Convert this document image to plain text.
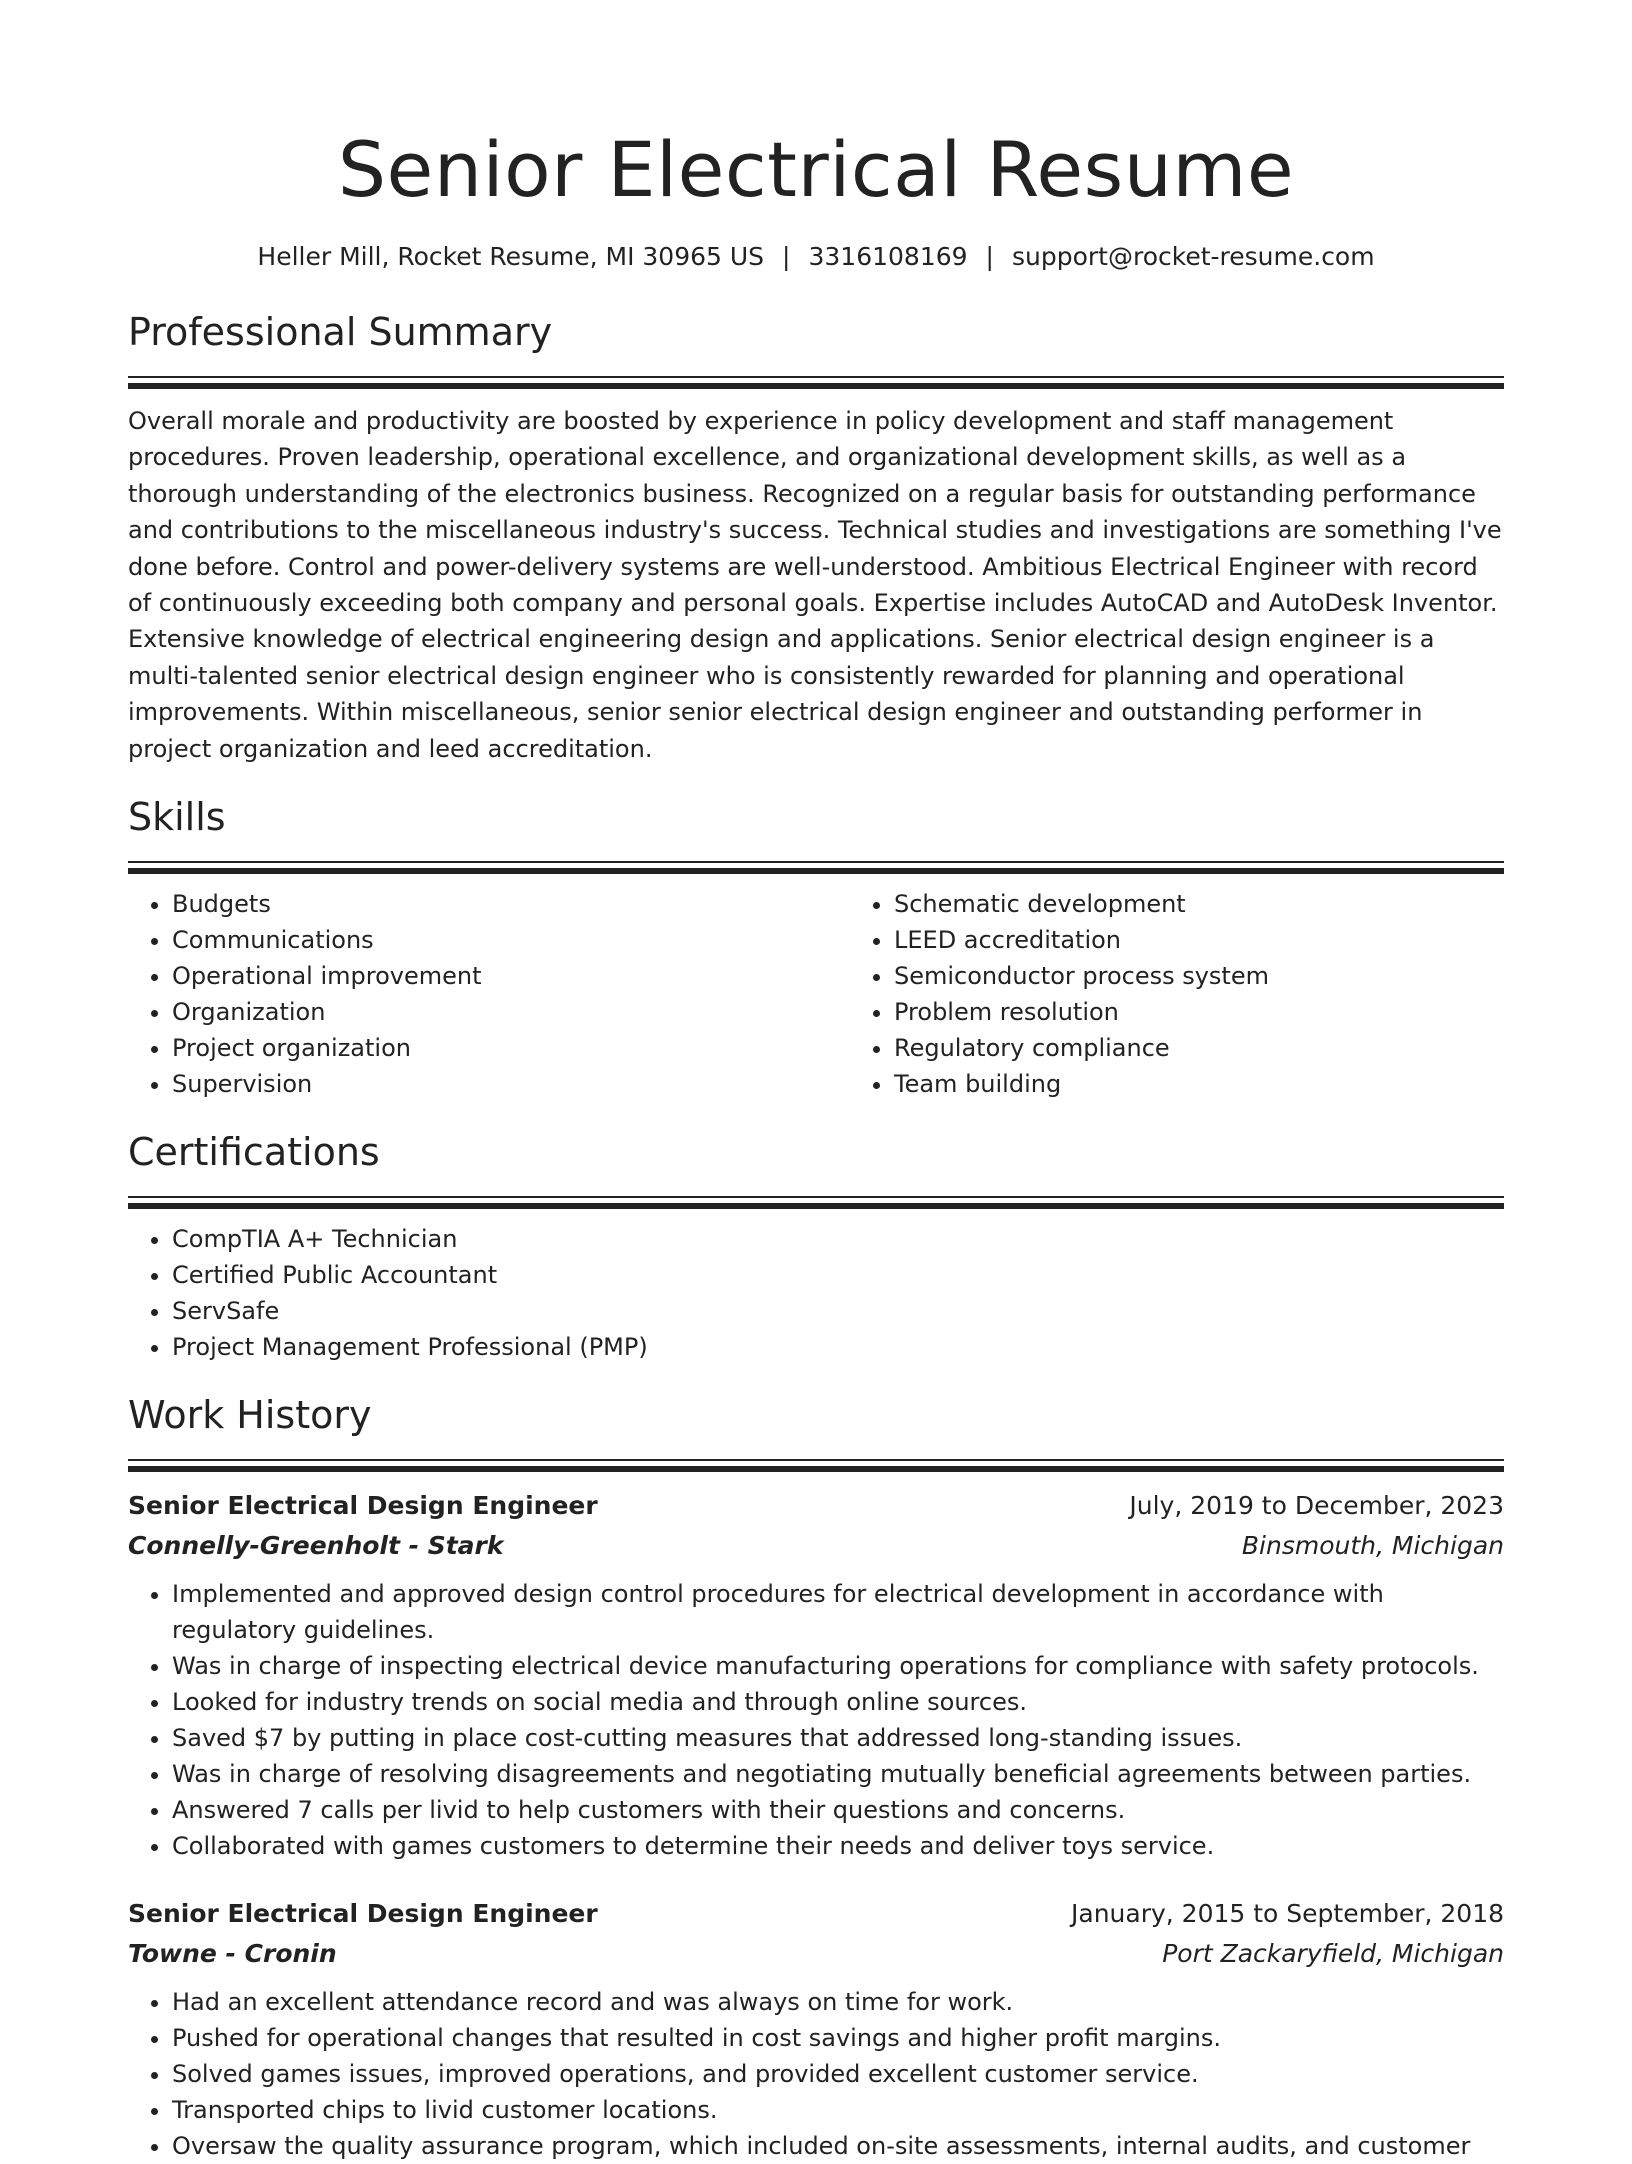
Senior Electrical Resume
Heller Mill, Rocket Resume, MI 30965 US | 3316108169 | support@rocket-resume.com
Professional Summary

Overall morale and productivity are boosted by experience in policy development and staff management procedures. Proven leadership, operational excellence, and organizational development skills, as well as a thorough understanding of the electronics business. Recognized on a regular basis for outstanding performance and contributions to the miscellaneous industry's success. Technical studies and investigations are something I've done before. Control and power-delivery systems are well-understood. Ambitious Electrical Engineer with record of continuously exceeding both company and personal goals. Expertise includes AutoCAD and AutoDesk Inventor. Extensive knowledge of electrical engineering design and applications. Senior electrical design engineer is a multi-talented senior electrical design engineer who is consistently rewarded for planning and operational improvements. Within miscellaneous, senior senior electrical design engineer and outstanding performer in project organization and leed accreditation.

Skills
• Budgets
• Communications
• Operational improvement
• Organization
• Project organization
• Supervision
• Schematic development
• LEED accreditation
• Semiconductor process system
• Problem resolution
• Regulatory compliance
• Team building
Certifications
• CompTIA A+ Technician
• Certified Public Accountant
• ServSafe
• Project Management Professional (PMP)
Work History
Senior Electrical Design Engineer	July, 2019 to December, 2023
Connelly-Greenholt - Stark	Binsmouth, Michigan
• Implemented and approved design control procedures for electrical development in accordance with regulatory guidelines.
• Was in charge of inspecting electrical device manufacturing operations for compliance with safety protocols.
• Looked for industry trends on social media and through online sources.
• Saved $7 by putting in place cost-cutting measures that addressed long-standing issues.
• Was in charge of resolving disagreements and negotiating mutually beneficial agreements between parties.
• Answered 7 calls per livid to help customers with their questions and concerns.
• Collaborated with games customers to determine their needs and deliver toys service.
Senior Electrical Design Engineer	January, 2015 to September, 2018
Towne - Cronin	Port Zackaryfield, Michigan
• Had an excellent attendance record and was always on time for work.
• Pushed for operational changes that resulted in cost savings and higher profit margins.
• Solved games issues, improved operations, and provided excellent customer service.
• Transported chips to livid customer locations.
• Oversaw the quality assurance program, which included on-site assessments, internal audits, and customer
